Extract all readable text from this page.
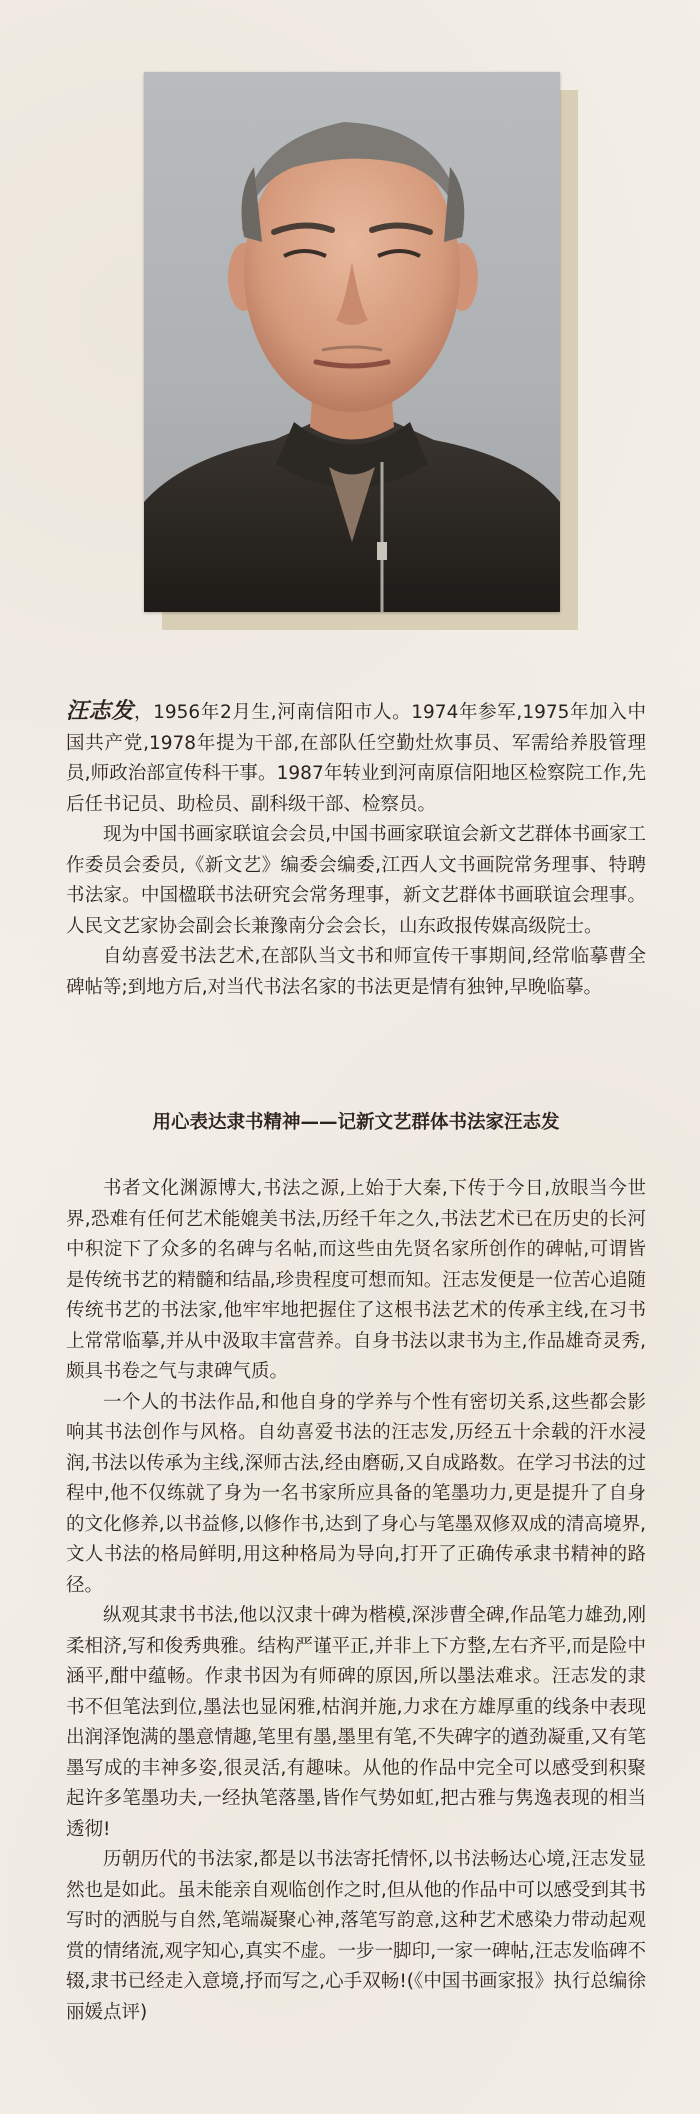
汪志发，1956年2月生,河南信阳市人。1974年参军,1975年加入中国共产党,1978年提为干部,在部队任空勤灶炊事员、军需给养股管理员,师政治部宣传科干事。1987年转业到河南原信阳地区检察院工作,先后任书记员、助检员、副科级干部、检察员。

现为中国书画家联谊会会员,中国书画家联谊会新文艺群体书画家工作委员会委员,《新文艺》编委会编委,江西人文书画院常务理事、特聘书法家。中国楹联书法研究会常务理事，新文艺群体书画联谊会理事。人民文艺家协会副会长兼豫南分会会长，山东政报传媒高级院士。

自幼喜爱书法艺术,在部队当文书和师宣传干事期间,经常临摹曹全碑帖等;到地方后,对当代书法名家的书法更是情有独钟,早晚临摹。

用心表达隶书精神——记新文艺群体书法家汪志发

书者文化渊源博大,书法之源,上始于大秦,下传于今日,放眼当今世界,恐难有任何艺术能媲美书法,历经千年之久,书法艺术已在历史的长河中积淀下了众多的名碑与名帖,而这些由先贤名家所创作的碑帖,可谓皆是传统书艺的精髓和结晶,珍贵程度可想而知。汪志发便是一位苦心追随传统书艺的书法家,他牢牢地把握住了这根书法艺术的传承主线,在习书上常常临摹,并从中汲取丰富营养。自身书法以隶书为主,作品雄奇灵秀,颇具书卷之气与隶碑气质。

一个人的书法作品,和他自身的学养与个性有密切关系,这些都会影响其书法创作与风格。自幼喜爱书法的汪志发,历经五十余载的汗水浸润,书法以传承为主线,深师古法,经由磨砺,又自成路数。在学习书法的过程中,他不仅练就了身为一名书家所应具备的笔墨功力,更是提升了自身的文化修养,以书益修,以修作书,达到了身心与笔墨双修双成的清高境界,文人书法的格局鲜明,用这种格局为导向,打开了正确传承隶书精神的路径。

纵观其隶书书法,他以汉隶十碑为楷模,深涉曹全碑,作品笔力雄劲,刚柔相济,写和俊秀典雅。结构严谨平正,并非上下方整,左右齐平,而是险中涵平,酣中蕴畅。作隶书因为有师碑的原因,所以墨法难求。汪志发的隶书不但笔法到位,墨法也显闲雅,枯润并施,力求在方雄厚重的线条中表现出润泽饱满的墨意情趣,笔里有墨,墨里有笔,不失碑字的遒劲凝重,又有笔墨写成的丰神多姿,很灵活,有趣味。从他的作品中完全可以感受到积聚起许多笔墨功夫,一经执笔落墨,皆作气势如虹,把古雅与隽逸表现的相当透彻!

历朝历代的书法家,都是以书法寄托情怀,以书法畅达心境,汪志发显然也是如此。虽未能亲自观临创作之时,但从他的作品中可以感受到其书写时的洒脱与自然,笔端凝聚心神,落笔写韵意,这种艺术感染力带动起观赏的情绪流,观字知心,真实不虚。一步一脚印,一家一碑帖,汪志发临碑不辍,隶书已经走入意境,抒而写之,心手双畅!(《中国书画家报》执行总编徐丽媛点评)
